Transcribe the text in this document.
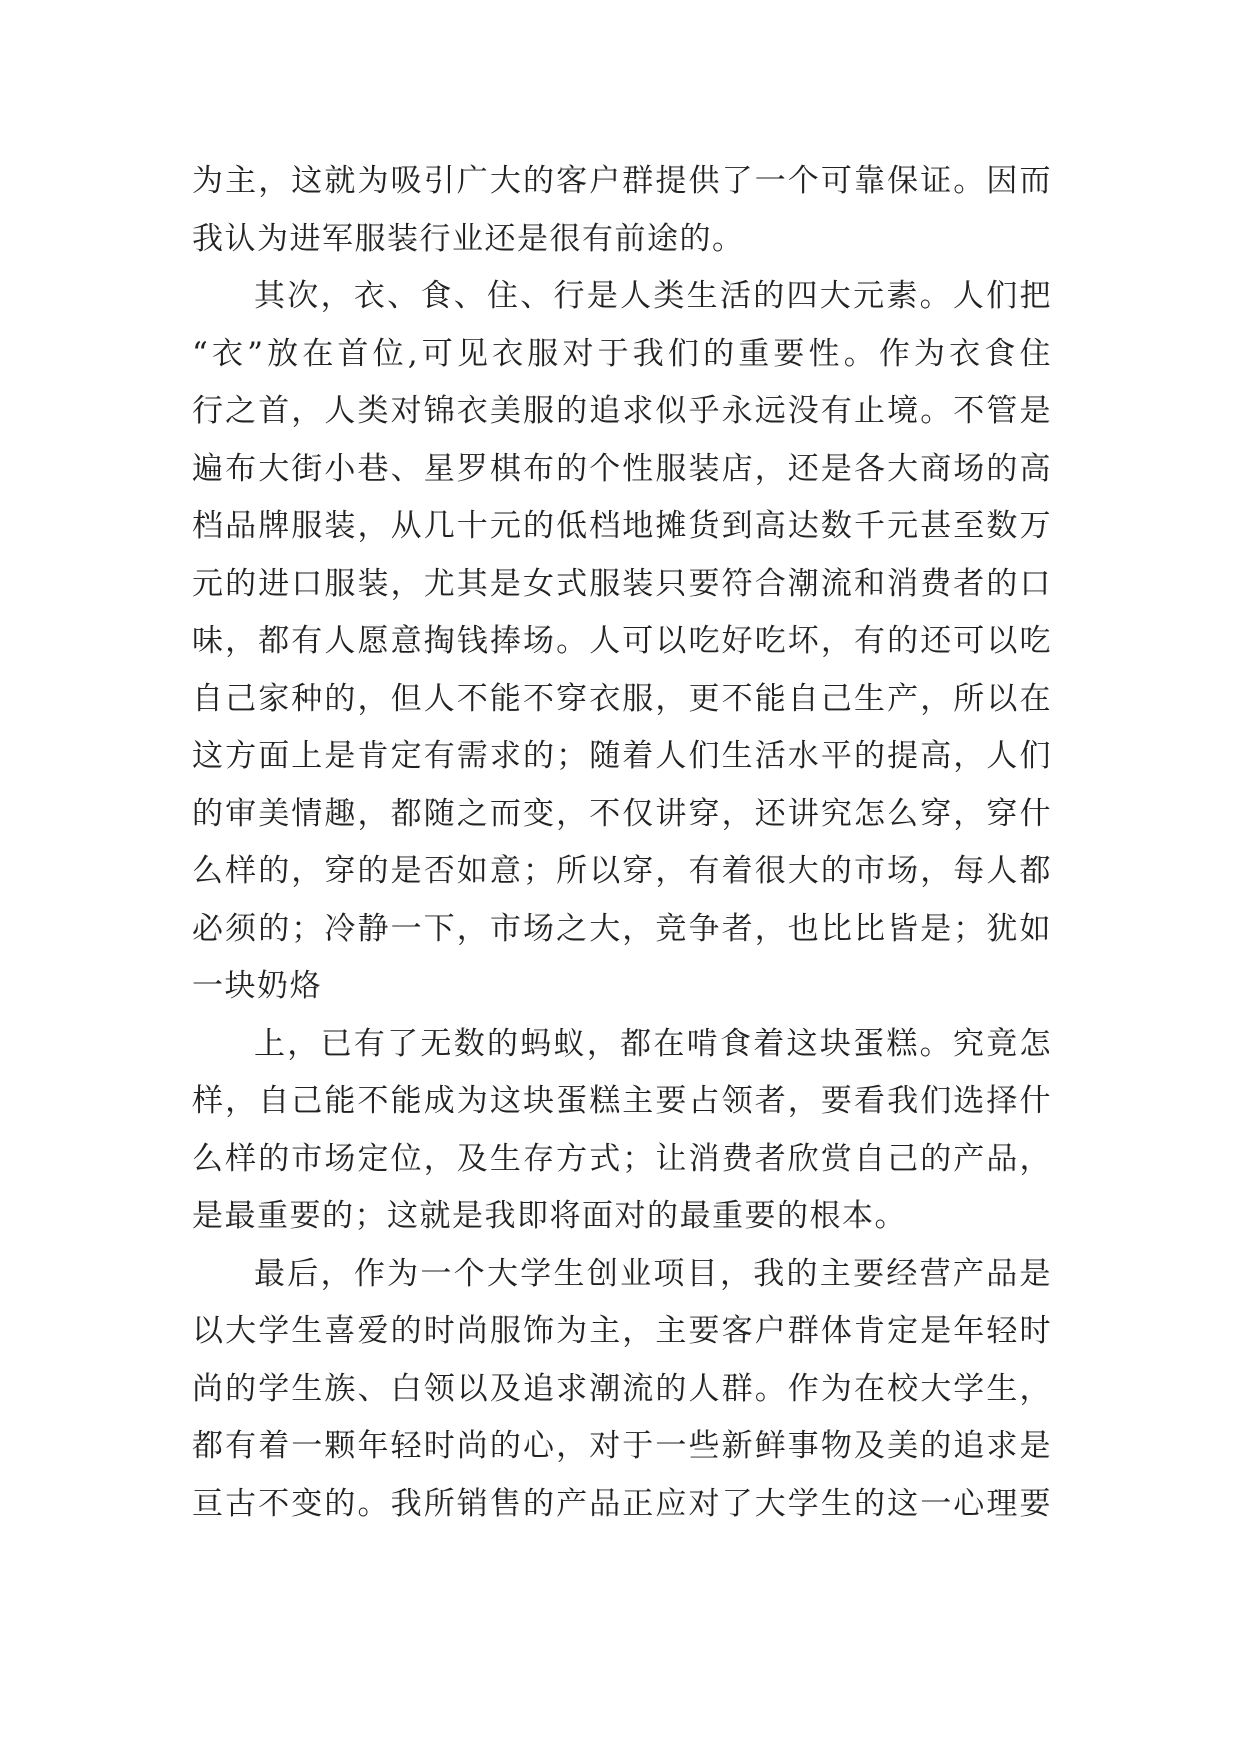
为主，这就为吸引广大的客户群提供了一个可靠保证。因而
我认为进军服装行业还是很有前途的。

其次，衣、食、住、行是人类生活的四大元素。人们把
“衣”放在首位,可见衣服对于我们的重要性。作为衣食住
行之首，人类对锦衣美服的追求似乎永远没有止境。不管是
遍布大街小巷、星罗棋布的个性服装店，还是各大商场的高
档品牌服装，从几十元的低档地摊货到高达数千元甚至数万
元的进口服装，尤其是女式服装只要符合潮流和消费者的口
味，都有人愿意掏钱捧场。人可以吃好吃坏，有的还可以吃
自己家种的，但人不能不穿衣服，更不能自己生产，所以在
这方面上是肯定有需求的；随着人们生活水平的提高，人们
的审美情趣，都随之而变，不仅讲穿，还讲究怎么穿，穿什
么样的，穿的是否如意；所以穿，有着很大的市场，每人都
必须的；冷静一下，市场之大，竞争者，也比比皆是；犹如
一块奶烙

上，已有了无数的蚂蚁，都在啃食着这块蛋糕。究竟怎
样，自己能不能成为这块蛋糕主要占领者，要看我们选择什
么样的市场定位，及生存方式；让消费者欣赏自己的产品，
是最重要的；这就是我即将面对的最重要的根本。

最后，作为一个大学生创业项目，我的主要经营产品是
以大学生喜爱的时尚服饰为主，主要客户群体肯定是年轻时
尚的学生族、白领以及追求潮流的人群。作为在校大学生，
都有着一颗年轻时尚的心，对于一些新鲜事物及美的追求是
亘古不变的。我所销售的产品正应对了大学生的这一心理要
